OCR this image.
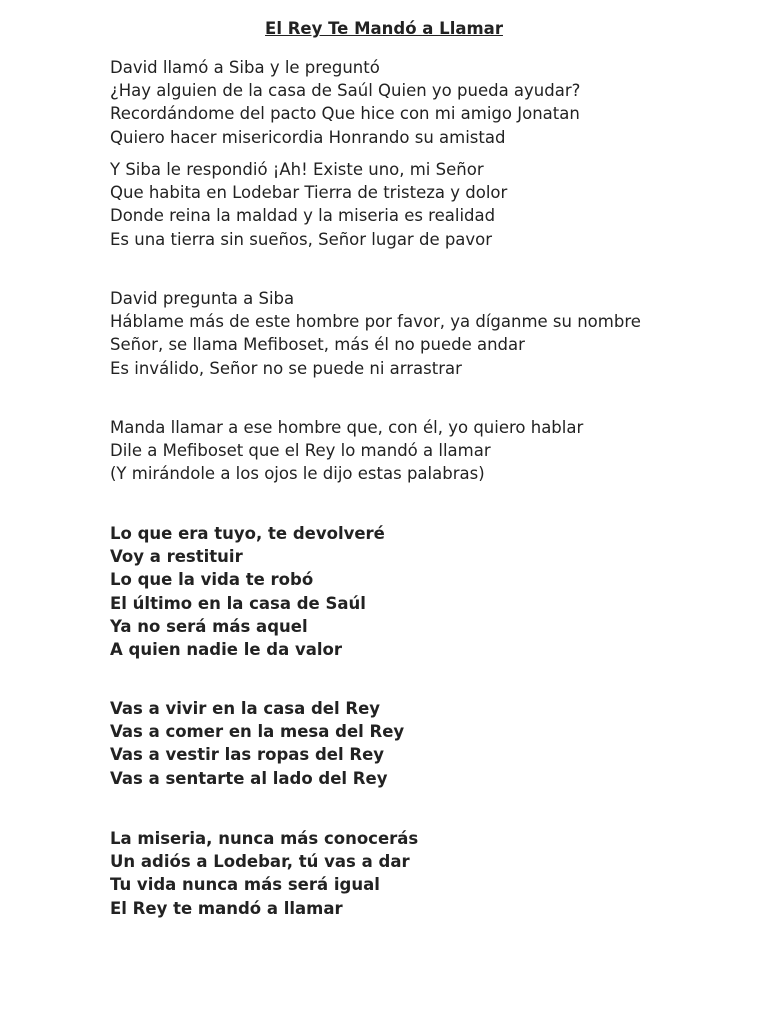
El Rey Te Mandó a Llamar
David llamó a Siba y le preguntó
¿Hay alguien de la casa de Saúl Quien yo pueda ayudar?
Recordándome del pacto Que hice con mi amigo Jonatan
Quiero hacer misericordia Honrando su amistad
Y Siba le respondió ¡Ah! Existe uno, mi Señor
Que habita en Lodebar Tierra de tristeza y dolor
Donde reina la maldad y la miseria es realidad
Es una tierra sin sueños, Señor lugar de pavor
David pregunta a Siba
Háblame más de este hombre por favor, ya díganme su nombre
Señor, se llama Mefiboset, más él no puede andar
Es inválido, Señor no se puede ni arrastrar
Manda llamar a ese hombre que, con él, yo quiero hablar
Dile a Mefiboset que el Rey lo mandó a llamar
(Y mirándole a los ojos le dijo estas palabras)
Lo que era tuyo, te devolveré
Voy a restituir
Lo que la vida te robó
El último en la casa de Saúl
Ya no será más aquel
A quien nadie le da valor
Vas a vivir en la casa del Rey
Vas a comer en la mesa del Rey
Vas a vestir las ropas del Rey
Vas a sentarte al lado del Rey
La miseria, nunca más conocerás
Un adiós a Lodebar, tú vas a dar
Tu vida nunca más será igual
El Rey te mandó a llamar
